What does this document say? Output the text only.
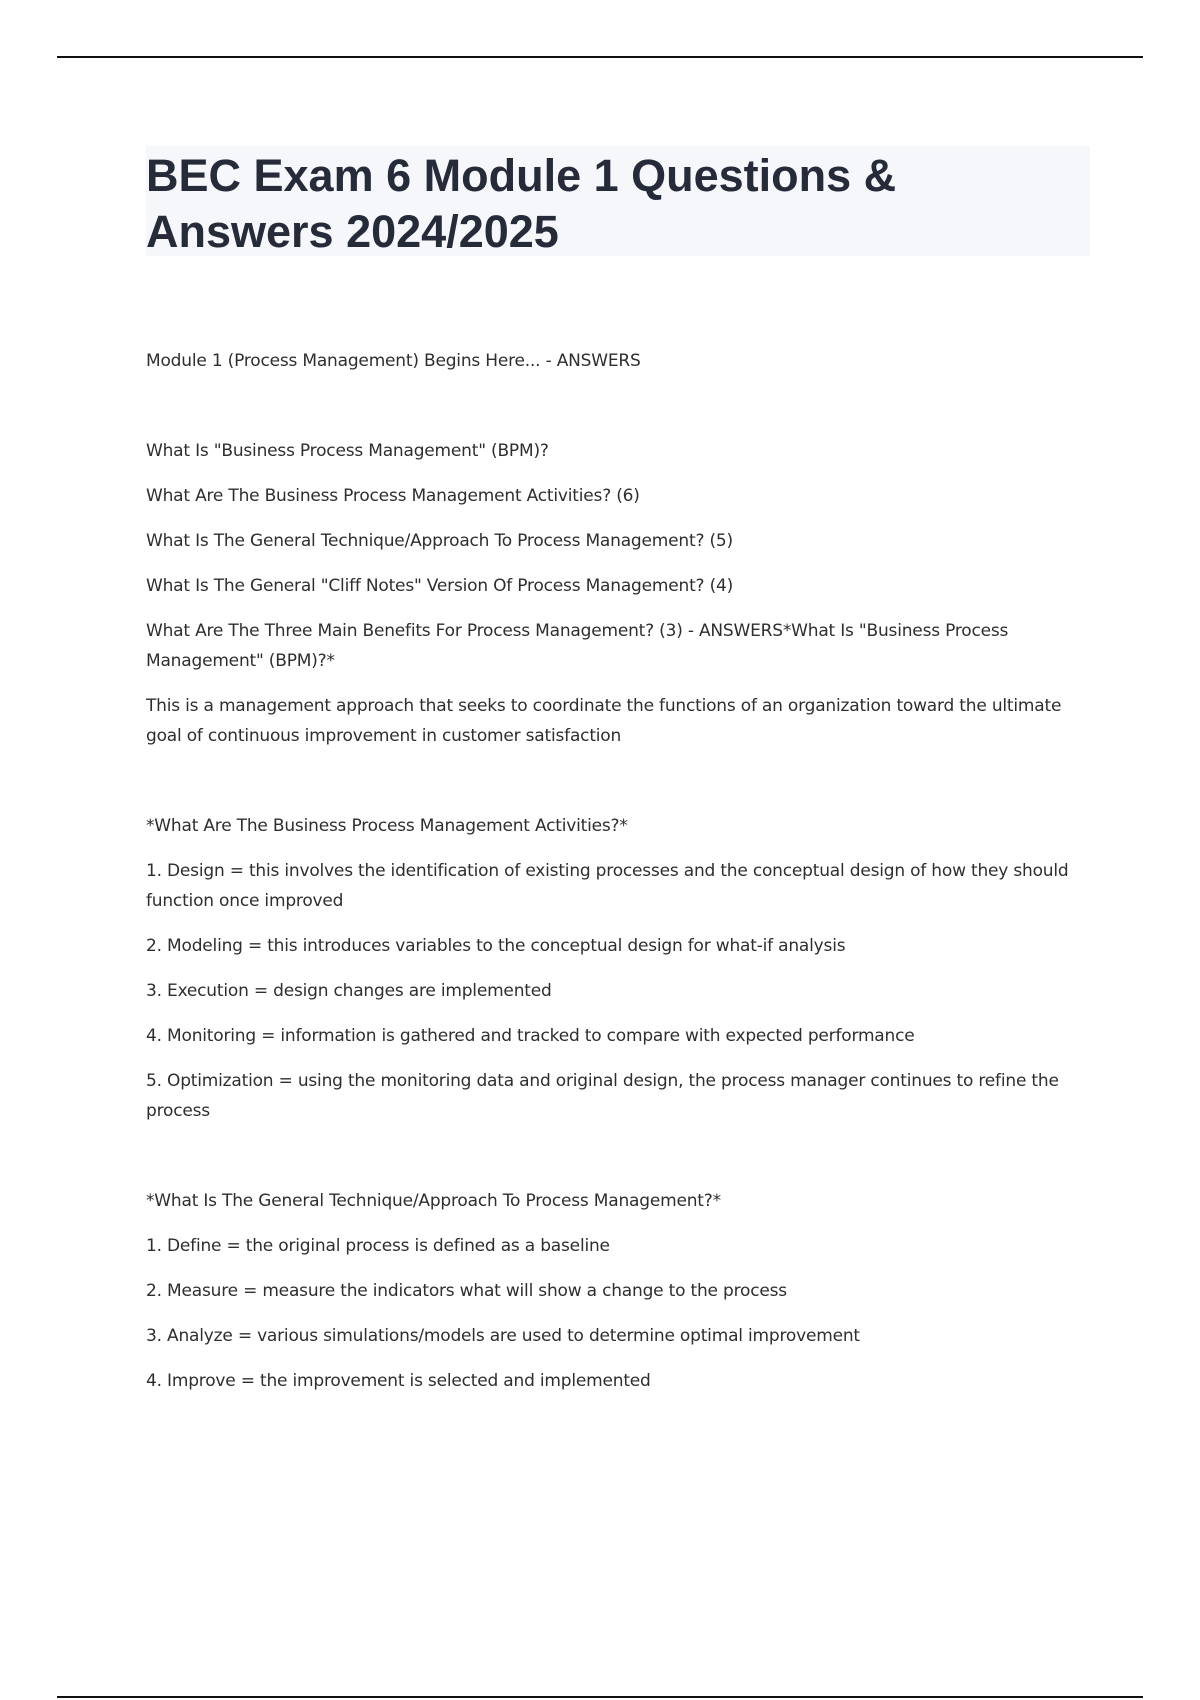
BEC Exam 6 Module 1 Questions & Answers 2024/2025

Module 1 (Process Management) Begins Here... - ANSWERS

What Is "Business Process Management" (BPM)?

What Are The Business Process Management Activities? (6)

What Is The General Technique/Approach To Process Management? (5)

What Is The General "Cliff Notes" Version Of Process Management? (4)

What Are The Three Main Benefits For Process Management? (3) - ANSWERS*What Is "Business Process Management" (BPM)?*

This is a management approach that seeks to coordinate the functions of an organization toward the ultimate goal of continuous improvement in customer satisfaction

*What Are The Business Process Management Activities?*

1. Design = this involves the identification of existing processes and the conceptual design of how they should function once improved

2. Modeling = this introduces variables to the conceptual design for what-if analysis

3. Execution = design changes are implemented

4. Monitoring = information is gathered and tracked to compare with expected performance

5. Optimization = using the monitoring data and original design, the process manager continues to refine the process

*What Is The General Technique/Approach To Process Management?*

1. Define = the original process is defined as a baseline

2. Measure = measure the indicators what will show a change to the process

3. Analyze = various simulations/models are used to determine optimal improvement

4. Improve = the improvement is selected and implemented
